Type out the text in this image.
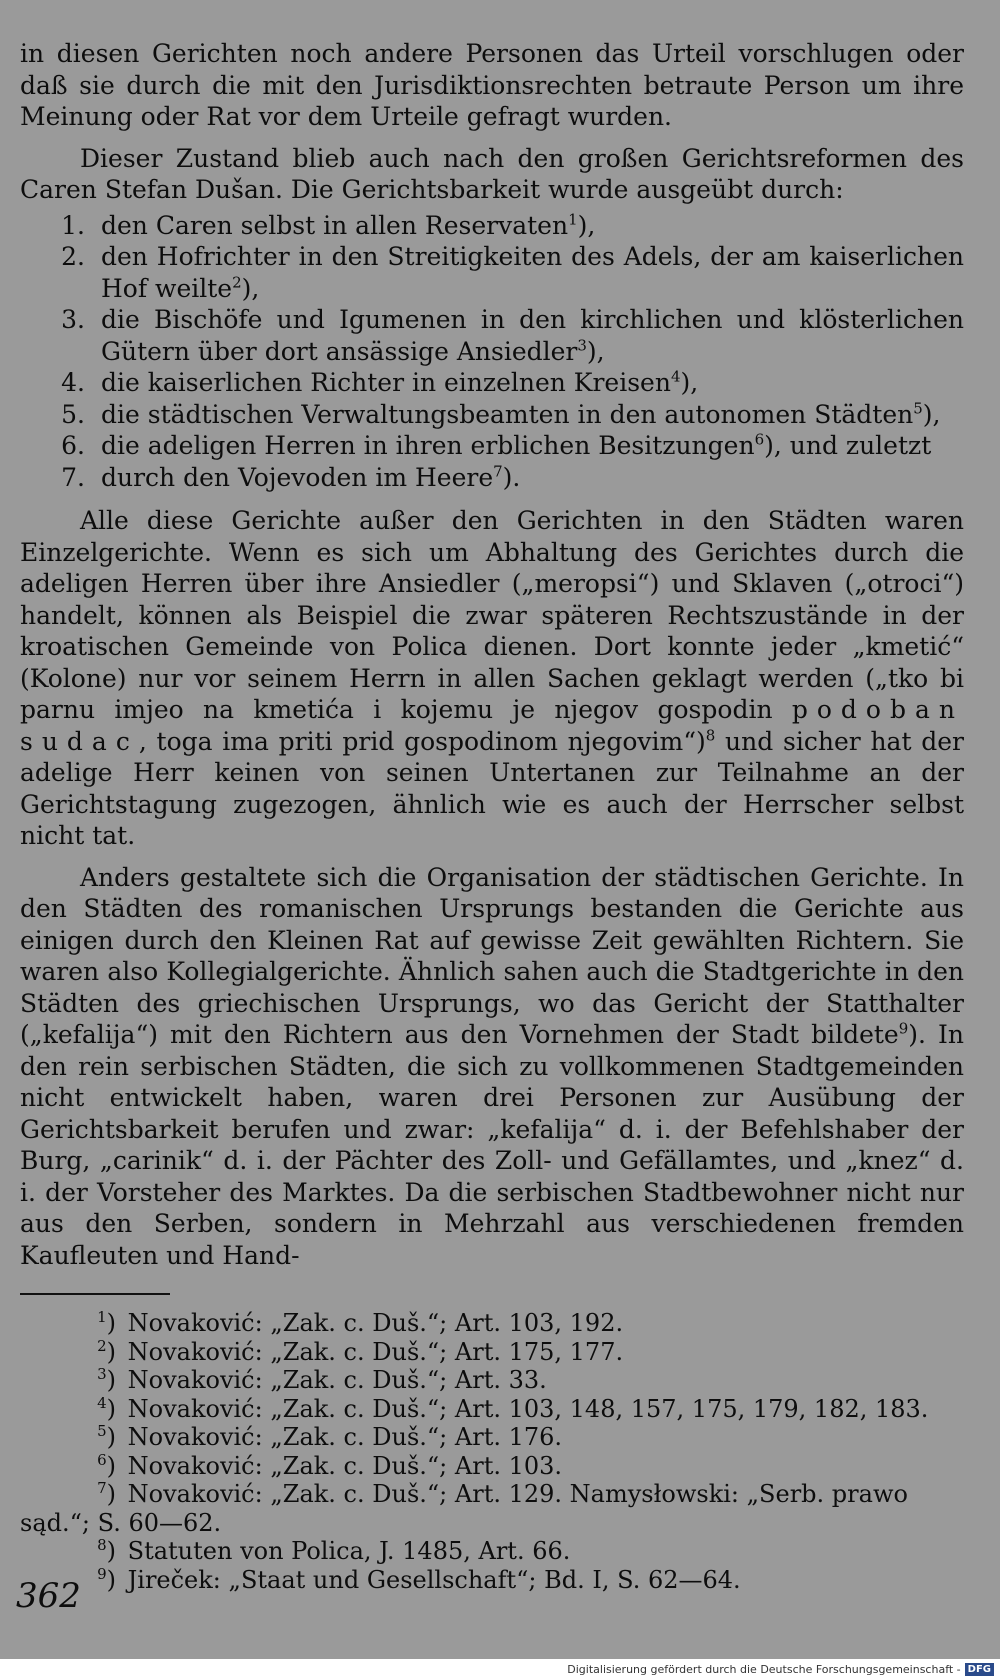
in diesen Gerichten noch andere Personen das Urteil vorschlugen oder daß sie durch die mit den Jurisdiktionsrechten betraute Person um ihre Meinung oder Rat vor dem Urteile gefragt wurden.

Dieser Zustand blieb auch nach den großen Gerichtsreformen des Caren Stefan Dušan. Die Gerichtsbarkeit wurde ausgeübt durch:

1. den Caren selbst in allen Reservaten$^1$),
2. den Hofrichter in den Streitigkeiten des Adels, der am kaiserlichen Hof weilte$^2$),
3. die Bischöfe und Igumenen in den kirchlichen und klösterlichen Gütern über dort ansässige Ansiedler$^3$),
4. die kaiserlichen Richter in einzelnen Kreisen$^4$),
5. die städtischen Verwaltungsbeamten in den autonomen Städten$^5$),
6. die adeligen Herren in ihren erblichen Besitzungen$^6$), und zuletzt
7. durch den Vojevoden im Heere$^7$).

Alle diese Gerichte außer den Gerichten in den Städten waren Einzelgerichte. Wenn es sich um Abhaltung des Gerichtes durch die adeligen Herren über ihre Ansiedler („meropsi“) und Sklaven („otroci“) handelt, können als Beispiel die zwar späteren Rechtszustände in der kroatischen Gemeinde von Polica dienen. Dort konnte jeder „kmetić“ (Kolone) nur vor seinem Herrn in allen Sachen geklagt werden („tko bi parnu imjeo na kmetića i kojemu je njegov gospodin podoban sudac, toga ima priti prid gospodinom njegovim“)$^8$ und sicher hat der adelige Herr keinen von seinen Untertanen zur Teilnahme an der Gerichtstagung zugezogen, ähnlich wie es auch der Herrscher selbst nicht tat.

Anders gestaltete sich die Organisation der städtischen Gerichte. In den Städten des romanischen Ursprungs bestanden die Gerichte aus einigen durch den Kleinen Rat auf gewisse Zeit gewählten Richtern. Sie waren also Kollegialgerichte. Ähnlich sahen auch die Stadtgerichte in den Städten des griechischen Ursprungs, wo das Gericht der Statthalter („kefalija“) mit den Richtern aus den Vornehmen der Stadt bildete$^9$). In den rein serbischen Städten, die sich zu vollkommenen Stadtgemeinden nicht entwickelt haben, waren drei Personen zur Ausübung der Gerichtsbarkeit berufen und zwar: „kefalija“ d. i. der Befehlshaber der Burg, „carinik“ d. i. der Pächter des Zoll- und Gefällamtes, und „knez“ d. i. der Vorsteher des Marktes. Da die serbischen Stadtbewohner nicht nur aus den Serben, sondern in Mehrzahl aus verschiedenen fremden Kaufleuten und Hand-

$^1$) Novaković: „Zak. c. Duš.“; Art. 103, 192.

$^2$) Novaković: „Zak. c. Duš.“; Art. 175, 177.

$^3$) Novaković: „Zak. c. Duš.“; Art. 33.

$^4$) Novaković: „Zak. c. Duš.“; Art. 103, 148, 157, 175, 179, 182, 183.

$^5$) Novaković: „Zak. c. Duš.“; Art. 176.

$^6$) Novaković: „Zak. c. Duš.“; Art. 103.

$^7$) Novaković: „Zak. c. Duš.“; Art. 129. Namysłowski: „Serb. prawo sąd.“; S. 60—62.

$^8$) Statuten von Polica, J. 1485, Art. 66.

$^9$) Jireček: „Staat und Gesellschaft“; Bd. I, S. 62—64.

362
Digitalisierung gefördert durch die Deutsche Forschungsgemeinschaft - DFG
